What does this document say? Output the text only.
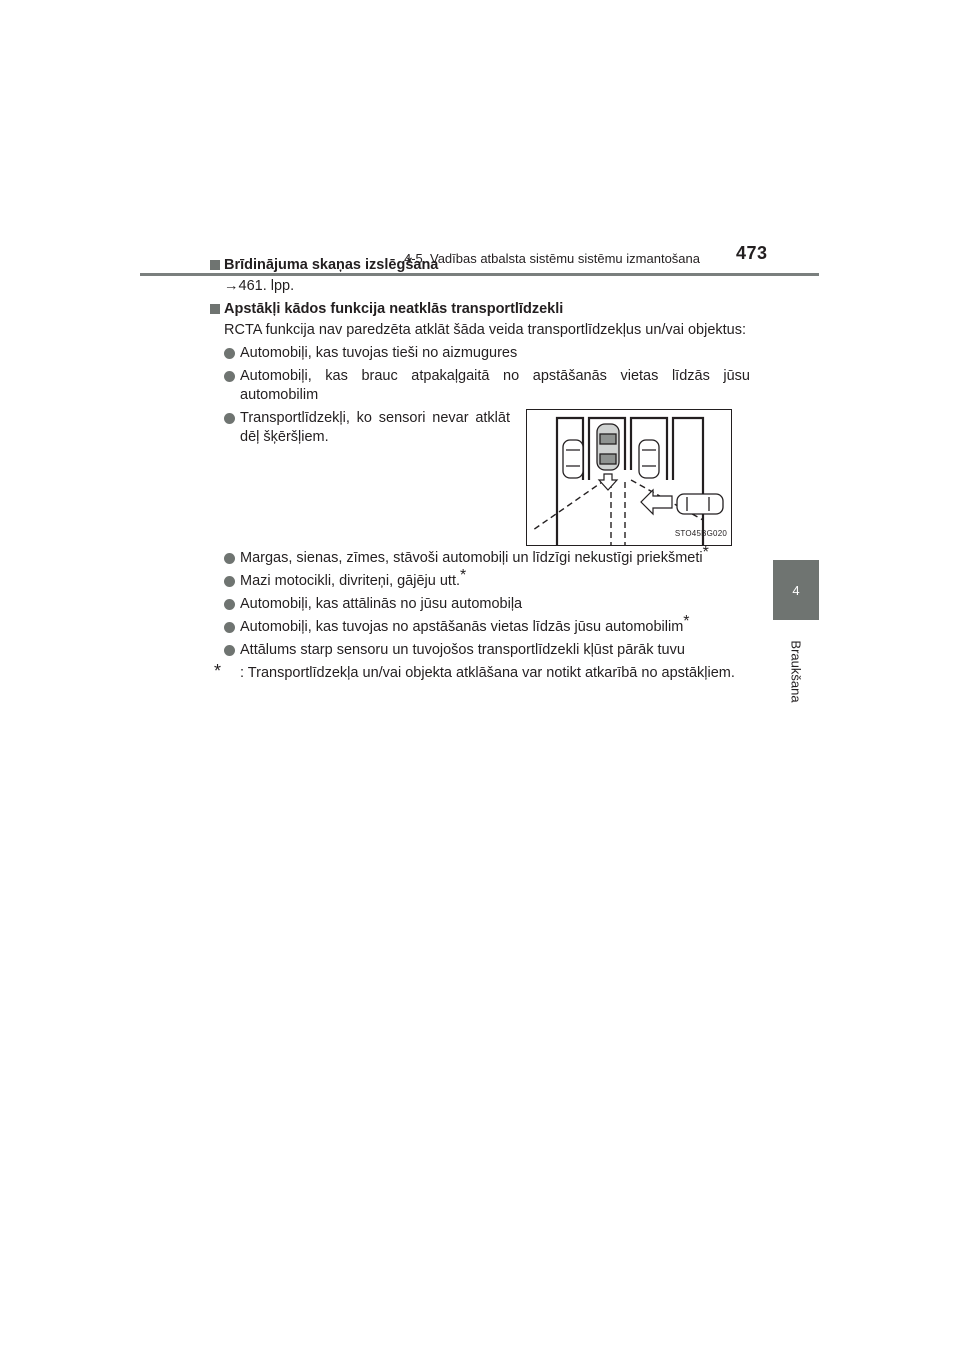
4-5. Vadības atbalsta sistēmu sistēmu izmantošana 473
4
Braukšana
Brīdinājuma skaņas izslēgšana
→461. lpp.
Apstākļi kādos funkcija neatklās transportlīdzekli
RCTA funkcija nav paredzēta atklāt šāda veida transportlīdzekļus un/vai objektus:
Automobiļi, kas tuvojas tieši no aizmugures
Automobiļi, kas brauc atpakaļgaitā no apstāšanās vietas līdzās jūsu automobilim
Transportlīdzekļi, ko sensori nevar atklāt dēļ šķēršļiem.
STO45BG020
Margas, sienas, zīmes, stāvoši automobiļi un līdzīgi nekustīgi priekšmeti*
Mazi motocikli, divriteņi, gājēju utt.*
Automobiļi, kas attālinās no jūsu automobiļa
Automobiļi, kas tuvojas no apstāšanās vietas līdzās jūsu automobilim*
Attālums starp sensoru un tuvojošos transportlīdzekli kļūst pārāk tuvu
* : Transportlīdzekļa un/vai objekta atklāšana var notikt atkarībā no apstākļiem.
